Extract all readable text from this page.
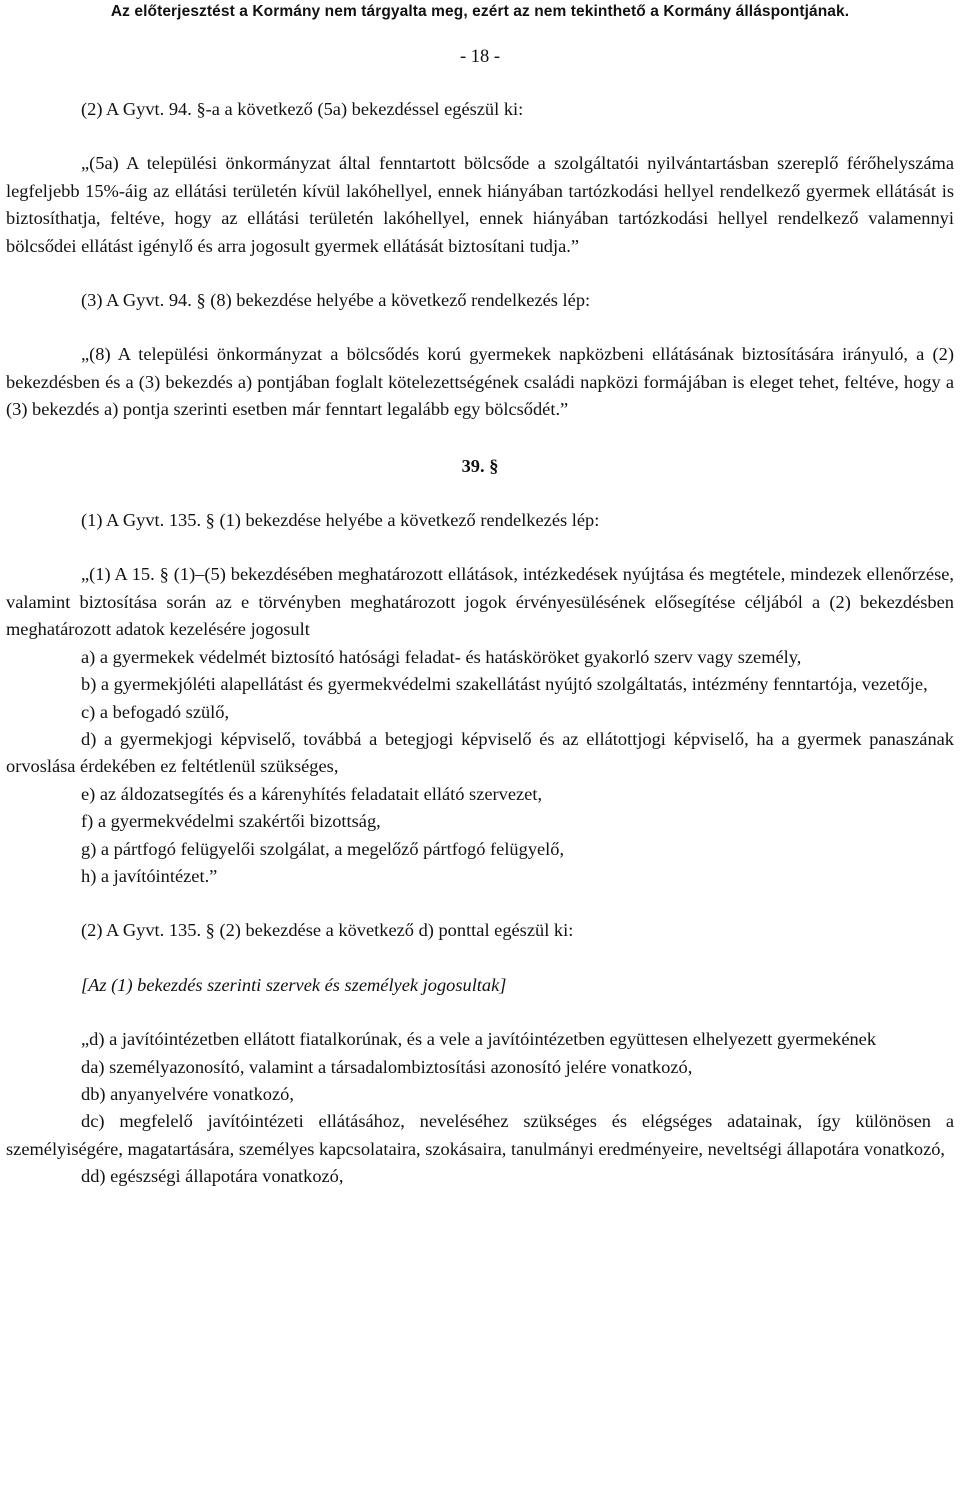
Az előterjesztést a Kormány nem tárgyalta meg, ezért az nem tekinthető a Kormány álláspontjának.
- 18 -

(2) A Gyvt. 94. §-a a következő (5a) bekezdéssel egészül ki:

„(5a) A települési önkormányzat által fenntartott bölcsőde a szolgáltatói nyilvántartásban szereplő férőhelyszáma legfeljebb 15%-áig az ellátási területén kívül lakóhellyel, ennek hiányában tartózkodási hellyel rendelkező gyermek ellátását is biztosíthatja, feltéve, hogy az ellátási területén lakóhellyel, ennek hiányában tartózkodási hellyel rendelkező valamennyi bölcsődei ellátást igénylő és arra jogosult gyermek ellátását biztosítani tudja.”

(3) A Gyvt. 94. § (8) bekezdése helyébe a következő rendelkezés lép:

„(8) A települési önkormányzat a bölcsődés korú gyermekek napközbeni ellátásának biztosítására irányuló, a (2) bekezdésben és a (3) bekezdés a) pontjában foglalt kötelezettségének családi napközi formájában is eleget tehet, feltéve, hogy a (3) bekezdés a) pontja szerinti esetben már fenntart legalább egy bölcsődét.”

39. §

(1) A Gyvt. 135. § (1) bekezdése helyébe a következő rendelkezés lép:

„(1) A 15. § (1)–(5) bekezdésében meghatározott ellátások, intézkedések nyújtása és megtétele, mindezek ellenőrzése, valamint biztosítása során az e törvényben meghatározott jogok érvényesülésének elősegítése céljából a (2) bekezdésben meghatározott adatok kezelésére jogosult

a) a gyermekek védelmét biztosító hatósági feladat- és hatásköröket gyakorló szerv vagy személy,

b) a gyermekjóléti alapellátást és gyermekvédelmi szakellátást nyújtó szolgáltatás, intézmény fenntartója, vezetője,

c) a befogadó szülő,

d) a gyermekjogi képviselő, továbbá a betegjogi képviselő és az ellátottjogi képviselő, ha a gyermek panaszának orvoslása érdekében ez feltétlenül szükséges,

e) az áldozatsegítés és a kárenyhítés feladatait ellátó szervezet,

f) a gyermekvédelmi szakértői bizottság,

g) a pártfogó felügyelői szolgálat, a megelőző pártfogó felügyelő,

h) a javítóintézet.”

(2) A Gyvt. 135. § (2) bekezdése a következő d) ponttal egészül ki:

[Az (1) bekezdés szerinti szervek és személyek jogosultak]

„d) a javítóintézetben ellátott fiatalkorúnak, és a vele a javítóintézetben együttesen elhelyezett gyermekének

da) személyazonosító, valamint a társadalombiztosítási azonosító jelére vonatkozó,

db) anyanyelvére vonatkozó,

dc) megfelelő javítóintézeti ellátásához, neveléséhez szükséges és elégséges adatainak, így különösen a személyiségére, magatartására, személyes kapcsolataira, szokásaira, tanulmányi eredményeire, neveltségi állapotára vonatkozó,

dd) egészségi állapotára vonatkozó,
